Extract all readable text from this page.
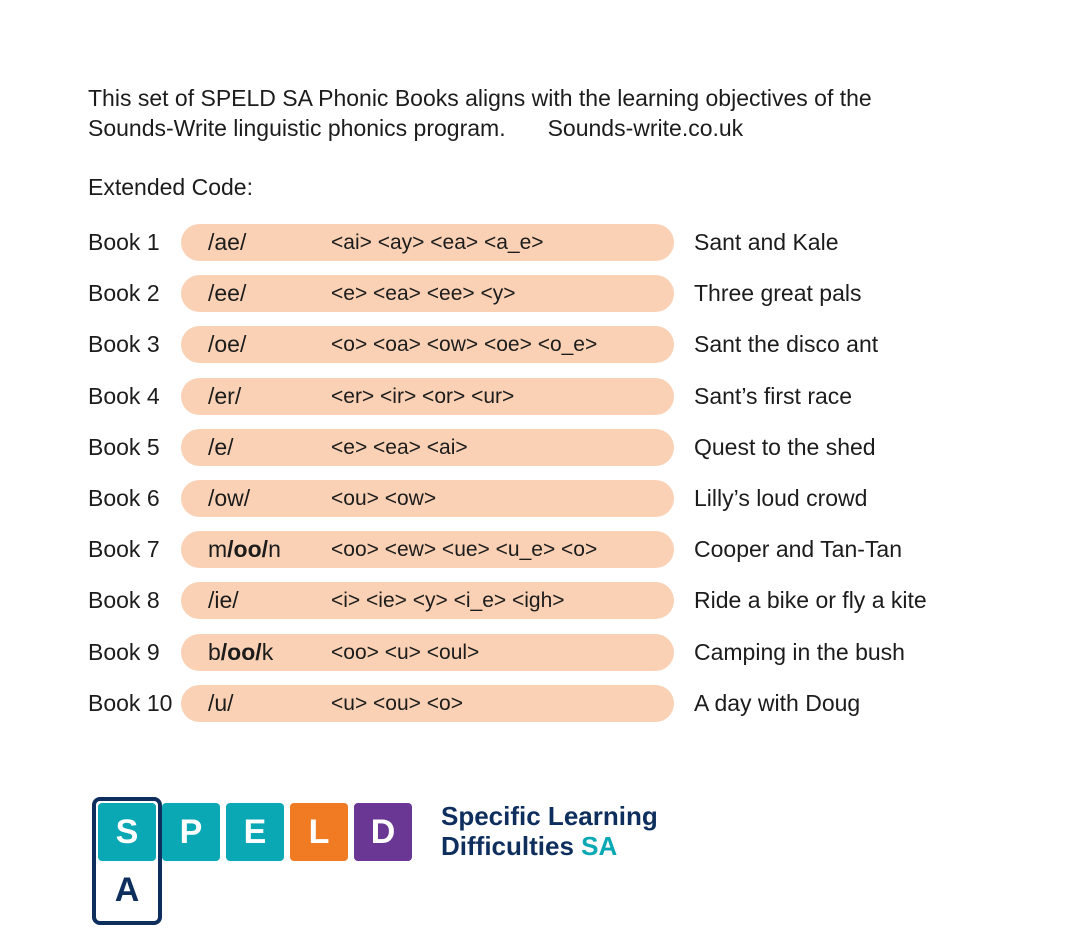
This set of SPELD SA Phonic Books aligns with the learning objectives of the
Sounds-Write linguistic phonics program. Sounds-write.co.uk
Extended Code:
Book 1 /ae/	<ai> <ay> <ea> <a_e>	Sant and Kale
Book 2 /ee/	<e> <ea> <ee> <y>	Three great pals
Book 3 /oe/	<o> <oa> <ow> <oe> <o_e>	Sant the disco ant
Book 4 /er/	<er> <ir> <or> <ur>	Sant’s first race
Book 5 /e/	<e> <ea> <ai>	Quest to the shed
Book 6 /ow/	<ou> <ow>	Lilly’s loud crowd
Book 7 m/oo/n <oo> <ew> <ue> <u_e> <o>	Cooper and Tan-Tan
Book 8 /ie/	<i> <ie> <y> <i_e> <igh>	Ride a bike or fly a kite
Book 9 b/oo/k	<oo> <u> <oul>	Camping in the bush
Book 10 /u/	<u> <ou> <o>	A day with Doug
S	P	E	L	D
A
Specific Learning
Difficulties SA
